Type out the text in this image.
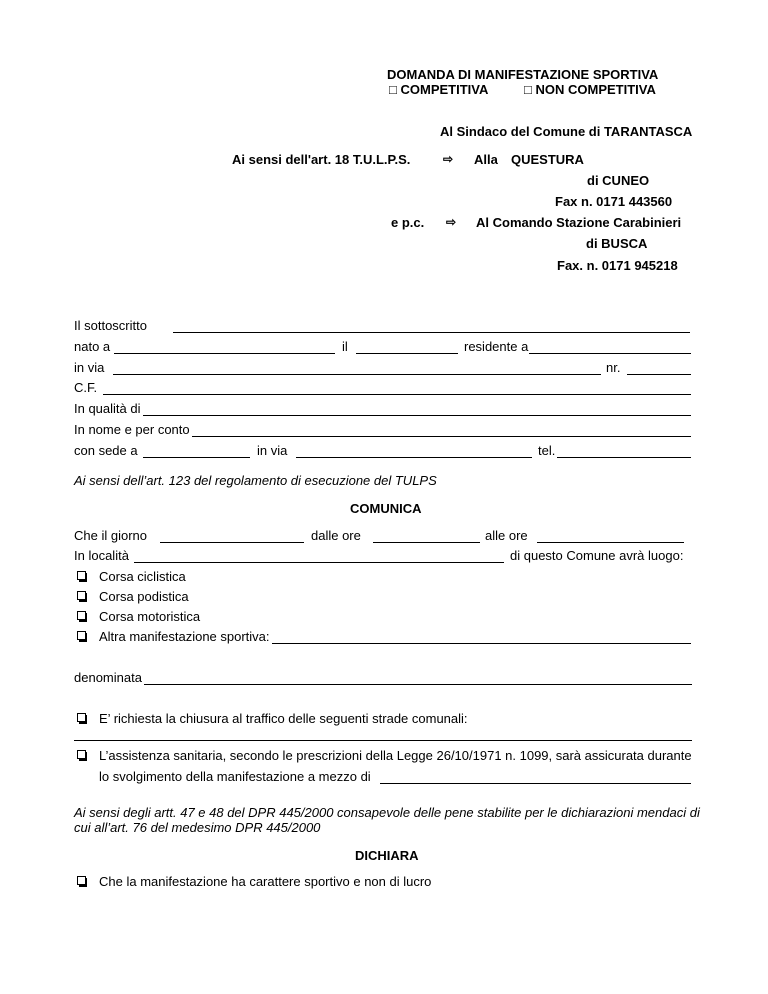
DOMANDA DI MANIFESTAZIONE SPORTIVA
□ COMPETITIVA	□ NON COMPETITIVA
Al Sindaco del Comune di TARANTASCA
Ai sensi dell'art. 18 T.U.L.P.S.	⇨ Alla QUESTURA
di CUNEO
Fax n. 0171 443560
e p.c. ⇨ Al Comando Stazione Carabinieri
di BUSCA
Fax. n. 0171 945218
Il sottoscritto
nato a	il	residente a
in via	nr.
C.F.
In qualità di
In nome e per conto
con sede a	in via	tel.
Ai sensi dell’art. 123 del regolamento di esecuzione del TULPS
COMUNICA
Che il giorno	dalle ore	alle ore
In località	di questo Comune avrà luogo:
Corsa ciclistica
Corsa podistica
Corsa motoristica
Altra manifestazione sportiva:
denominata
E’ richiesta la chiusura al traffico delle seguenti strade comunali:
L’assistenza sanitaria, secondo le prescrizioni della Legge 26/10/1971 n. 1099, sarà assicurata durante
lo svolgimento della manifestazione a mezzo di
Ai sensi degli artt. 47 e 48 del DPR 445/2000 consapevole delle pene stabilite per le dichiarazioni mendaci di
cui all’art. 76 del medesimo DPR 445/2000
DICHIARA
Che la manifestazione ha carattere sportivo e non di lucro
